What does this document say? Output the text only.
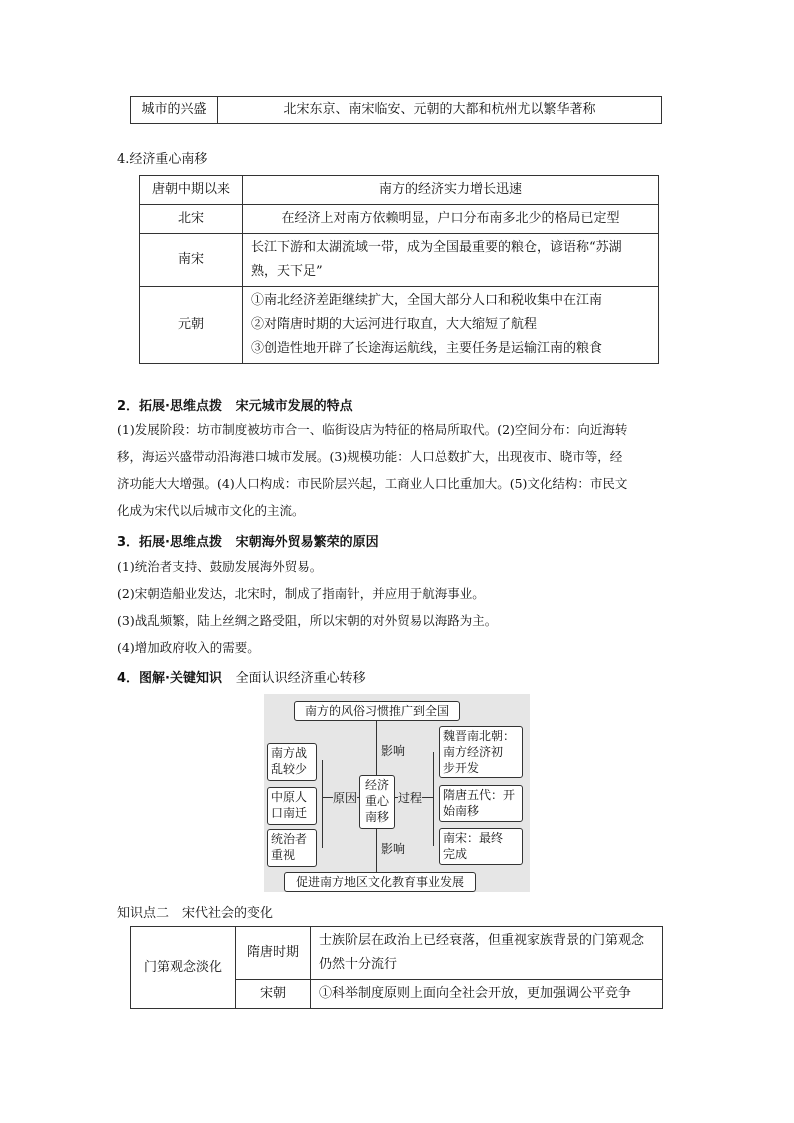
城市的兴盛	北宋东京、南宋临安、元朝的大都和杭州尤以繁华著称
4.经济重心南移
唐朝中期以来	南方的经济实力增长迅速
北宋	在经济上对南方依赖明显，户口分布南多北少的格局已定型
南宋	长江下游和太湖流域一带，成为全国最重要的粮仓，谚语称“苏湖
熟，天下足”

元朝	①南北经济差距继续扩大，全国大部分人口和税收集中在江南
②对隋唐时期的大运河进行取直，大大缩短了航程
③创造性地开辟了长途海运航线，主要任务是运输江南的粮食
2．拓展·思维点拨 宋元城市发展的特点

(1)发展阶段：坊市制度被坊市合一、临街设店为特征的格局所取代。(2)空间分布：向近海转

移，海运兴盛带动沿海港口城市发展。(3)规模功能：人口总数扩大，出现夜市、晓市等，经

济功能大大增强。(4)人口构成：市民阶层兴起，工商业人口比重加大。(5)文化结构：市民文

化成为宋代以后城市文化的主流。

3．拓展·思维点拨 宋朝海外贸易繁荣的原因

(1)统治者支持、鼓励发展海外贸易。

(2)宋朝造船业发达，北宋时，制成了指南针，并应用于航海事业。

(3)战乱频繁，陆上丝绸之路受阻，所以宋朝的对外贸易以海路为主。

(4)增加政府收入的需要。

4．图解·关键知识 全面认识经济重心转移
南方的风俗习惯推广到全国
促进南方地区文化教育事业发展
影响
影响
经济
重心
南移
原因
南方战
乱较少
中原人
口南迁
统治者
重视
过程
魏晋南北朝：
南方经济初
步开发
隋唐五代：开
始南移
南宋：最终
完成
知识点二　宋代社会的变化
门第观念淡化	隋唐时期	士族阶层在政治上已经衰落，但重视家族背景的门第观念
仍然十分流行

	宋朝	①科举制度原则上面向全社会开放，更加强调公平竞争
